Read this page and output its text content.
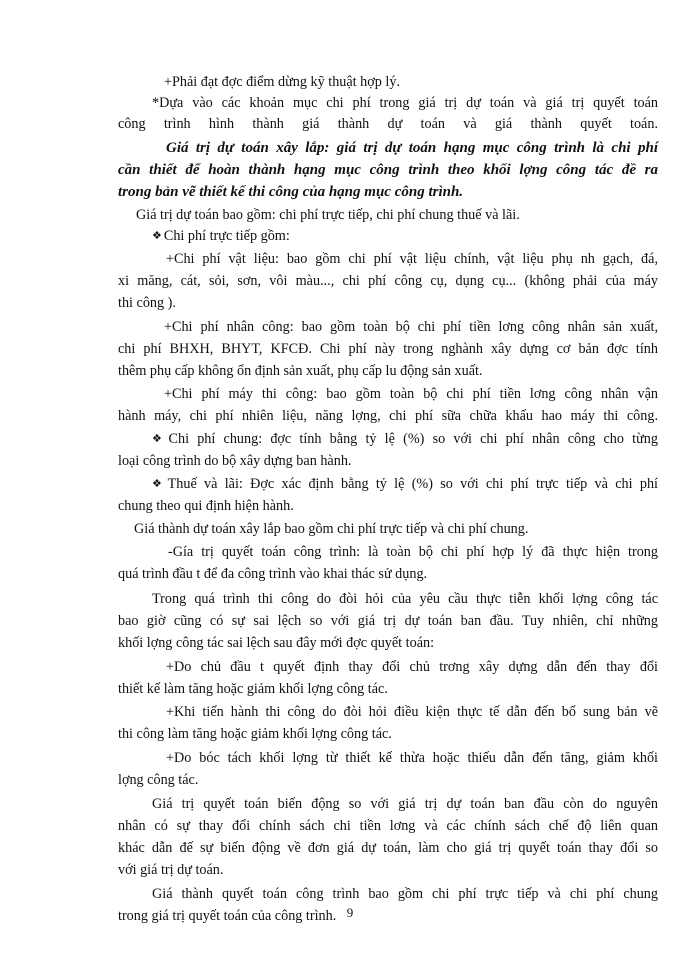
+Phải đạt đợc điểm dừng kỹ thuật hợp lý.
*Dựa vào các khoản mục chi phí trong giá trị dự toán và giá trị quyết toán
công trình hình thành giá thành dự toán và giá thành quyết toán.
Giá trị dự toán xây lắp: giá trị dự toán hạng mục công trình là chi phí
cần thiết để hoàn thành hạng mục công trình theo khối lợng công tác đề ra
trong bản vẽ thiết kế thi công của hạng mục công trình.
Giá trị dự toán bao gồm: chi phí trực tiếp, chi phí chung thuế và lãi.
❖ Chi phí trực tiếp gồm:
+Chi phí vật liệu: bao gồm chi phí vật liệu chính, vật liệu phụ nh gạch, đá,
xi măng, cát, sỏi, sơn, vôi màu..., chi phí công cụ, dụng cụ... (không phải của máy
thi công ).
+Chi phí nhân công: bao gồm toàn bộ chi phí tiền lơng công nhân sản xuất,
chi phí BHXH, BHYT, KFCĐ. Chi phí này trong nghành xây dựng cơ bản đợc tính
thêm phụ cấp không ổn định sản xuất, phụ cấp lu động sản xuất.
+Chi phí máy thi công: bao gồm toàn bộ chi phí tiền lơng công nhân vận
hành máy, chi phí nhiên liệu, năng lợng, chi phí sữa chữa khấu hao máy thi công.
❖ Chi phí chung: đợc tính bằng tỷ lệ (%) so với chi phí nhân công cho từng
loại công trình do bộ xây dựng ban hành.
❖ Thuế và lãi: Đợc xác định bằng tỷ lệ (%) so với chi phí trực tiếp và chi phí
chung theo qui định hiện hành.
Giá thành dự toán xây lắp bao gồm chi phí trực tiếp và chi phí chung.
-Gía trị quyết toán công trình: là toàn bộ chi phí hợp lý đã thực hiện trong
quá trình đầu t để đa công trình vào khai thác sử dụng.
Trong quá trình thi công do đòi hỏi của yêu cầu thực tiễn khối lợng công tác
bao giờ cũng có sự sai lệch so với giá trị dự toán ban đầu. Tuy nhiên, chỉ những
khối lợng công tác sai lệch sau đây mới đợc quyết toán:
+Do chủ đầu t quyết định thay đổi chủ trơng xây dựng dẫn đến thay đổi
thiết kế làm tăng hoặc giảm khối lợng công tác.
+Khi tiến hành thi công do đòi hỏi điều kiện thực tế dẫn đến bổ sung bản vẽ
thi công làm tăng hoặc giảm khối lợng công tác.
+Do bóc tách khối lợng từ thiết kế thừa hoặc thiếu dẫn đến tăng, giảm khối
lợng công tác.
Giá trị quyết toán biến động so với giá trị dự toán ban đầu còn do nguyên
nhân có sự thay đổi chính sách chi tiền lơng và các chính sách chế độ liên quan
khác dẫn đế sự biến động về đơn giá dự toán, làm cho giá trị quyết toán thay đổi so
với giá trị dự toán.
Giá thành quyết toán công trình bao gồm chi phí trực tiếp và chi phí chung
trong giá trị quyết toán của công trình. 9
